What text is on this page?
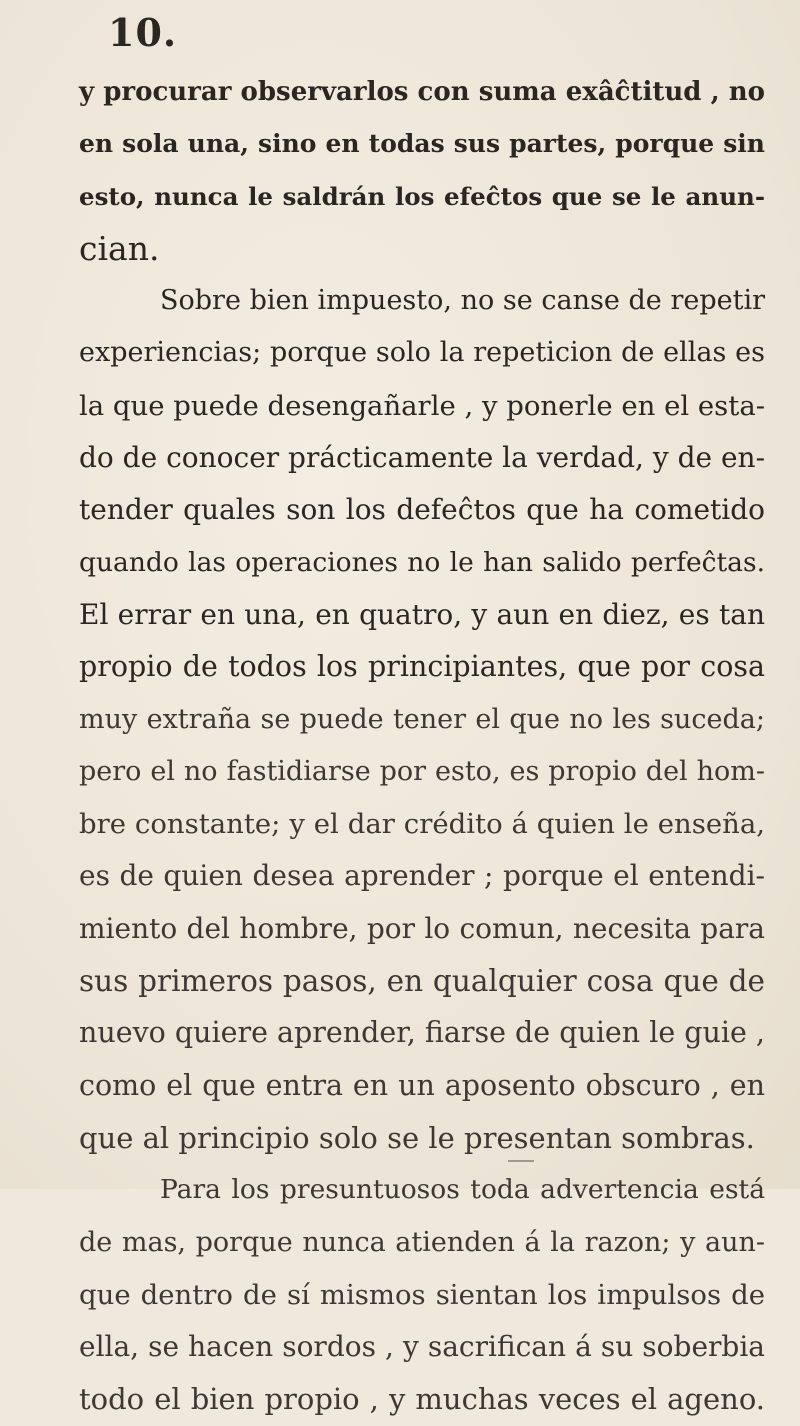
10.
y procurar observarlos con suma exâĉtitud , no
en sola una, sino en todas sus partes, porque sin
esto, nunca le saldrán los efeĉtos que se le anun-
cian.
Sobre bien impuesto, no se canse de repetir
experiencias; porque solo la repeticion de ellas es
la que puede desengañarle , y ponerle en el esta-
do de conocer prácticamente la verdad, y de en-
tender quales son los defeĉtos que ha cometido
quando las operaciones no le han salido perfeĉtas.
El errar en una, en quatro, y aun en diez, es tan
propio de todos los principiantes, que por cosa
muy extraña se puede tener el que no les suceda;
pero el no fastidiarse por esto, es propio del hom-
bre constante; y el dar crédito á quien le enseña,
es de quien desea aprender ; porque el entendi-
miento del hombre, por lo comun, necesita para
sus primeros pasos, en qualquier cosa que de
nuevo quiere aprender, fiarse de quien le guie ,
como el que entra en un aposento obscuro , en
que al principio solo se le presentan sombras.
Para los presuntuosos toda advertencia está
de mas, porque nunca atienden á la razon; y aun-
que dentro de sí mismos sientan los impulsos de
ella, se hacen sordos , y sacrifican á su soberbia
todo el bien propio , y muchas veces el ageno.
